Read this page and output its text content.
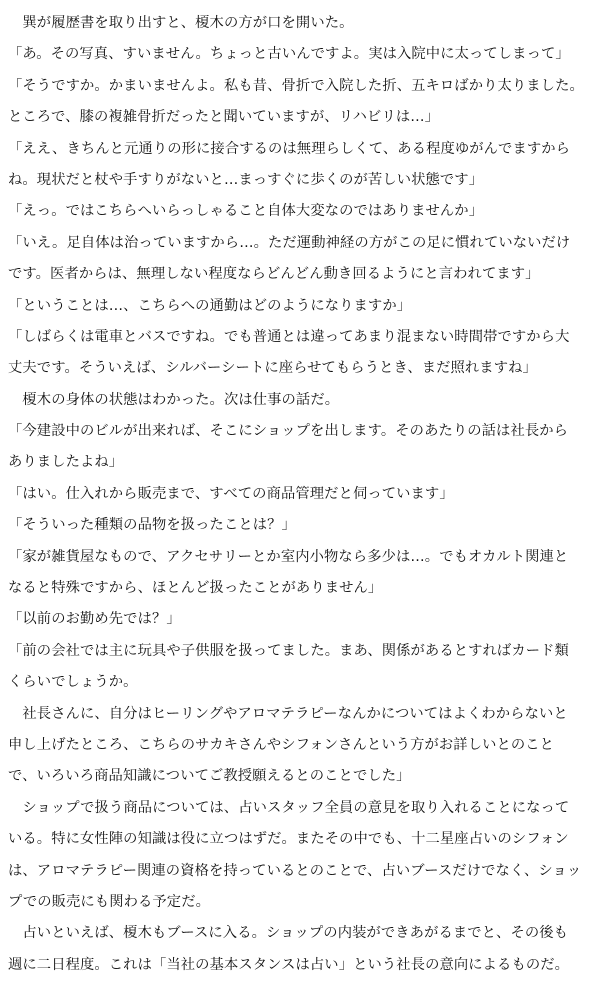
　巽が履歴書を取り出すと、榎木の方が口を開いた。
「あ。その写真、すいません。ちょっと古いんですよ。実は入院中に太ってしまって」
「そうですか。かまいませんよ。私も昔、骨折で入院した折、五キロばかり太りました。
ところで、膝の複雑骨折だったと聞いていますが、リハビリは…」
「ええ、きちんと元通りの形に接合するのは無理らしくて、ある程度ゆがんでますから
ね。現状だと杖や手すりがないと…まっすぐに歩くのが苦しい状態です」
「えっ。ではこちらへいらっしゃること自体大変なのではありませんか」
「いえ。足自体は治っていますから…。ただ運動神経の方がこの足に慣れていないだけ
です。医者からは、無理しない程度ならどんどん動き回るようにと言われてます」
「ということは…、こちらへの通勤はどのようになりますか」
「しばらくは電車とバスですね。でも普通とは違ってあまり混まない時間帯ですから大
丈夫です。そういえば、シルバーシートに座らせてもらうとき、まだ照れますね」
　榎木の身体の状態はわかった。次は仕事の話だ。
「今建設中のビルが出来れば、そこにショップを出します。そのあたりの話は社長から
ありましたよね」
「はい。仕入れから販売まで、すべての商品管理だと伺っています」
「そういった種類の品物を扱ったことは？」
「家が雑貨屋なもので、アクセサリーとか室内小物なら多少は…。でもオカルト関連と
なると特殊ですから、ほとんど扱ったことがありません」
「以前のお勤め先では？」
「前の会社では主に玩具や子供服を扱ってました。まあ、関係があるとすればカード類
くらいでしょうか。
　社長さんに、自分はヒーリングやアロマテラピーなんかについてはよくわからないと
申し上げたところ、こちらのサカキさんやシフォンさんという方がお詳しいとのこと
で、いろいろ商品知識についてご教授願えるとのことでした」
　ショップで扱う商品については、占いスタッフ全員の意見を取り入れることになって
いる。特に女性陣の知識は役に立つはずだ。またその中でも、十二星座占いのシフォン
は、アロマテラピー関連の資格を持っているとのことで、占いブースだけでなく、ショッ
プでの販売にも関わる予定だ。
　占いといえば、榎木もブースに入る。ショップの内装ができあがるまでと、その後も
週に二日程度。これは「当社の基本スタンスは占い」という社長の意向によるものだ。
